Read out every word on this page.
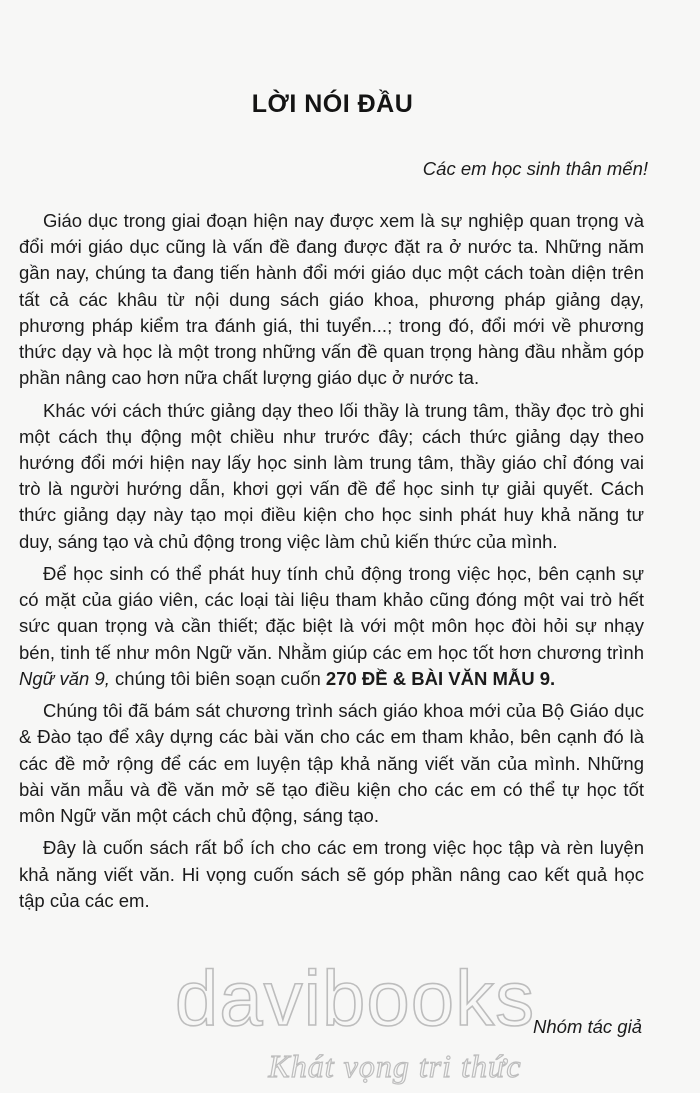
LỜI NÓI ĐẦU
Các em học sinh thân mến!

Giáo dục trong giai đoạn hiện nay được xem là sự nghiệp quan trọng và đổi mới giáo dục cũng là vấn đề đang được đặt ra ở nước ta. Những năm gần nay, chúng ta đang tiến hành đổi mới giáo dục một cách toàn diện trên tất cả các khâu từ nội dung sách giáo khoa, phương pháp giảng dạy, phương pháp kiểm tra đánh giá, thi tuyển...; trong đó, đổi mới về phương thức dạy và học là một trong những vấn đề quan trọng hàng đầu nhằm góp phần nâng cao hơn nữa chất lượng giáo dục ở nước ta.

Khác với cách thức giảng dạy theo lối thầy là trung tâm, thầy đọc trò ghi một cách thụ động một chiều như trước đây; cách thức giảng dạy theo hướng đổi mới hiện nay lấy học sinh làm trung tâm, thầy giáo chỉ đóng vai trò là người hướng dẫn, khơi gợi vấn đề để học sinh tự giải quyết. Cách thức giảng dạy này tạo mọi điều kiện cho học sinh phát huy khả năng tư duy, sáng tạo và chủ động trong việc làm chủ kiến thức của mình.

Để học sinh có thể phát huy tính chủ động trong việc học, bên cạnh sự có mặt của giáo viên, các loại tài liệu tham khảo cũng đóng một vai trò hết sức quan trọng và cần thiết; đặc biệt là với một môn học đòi hỏi sự nhạy bén, tinh tế như môn Ngữ văn. Nhằm giúp các em học tốt hơn chương trình Ngữ văn 9, chúng tôi biên soạn cuốn 270 ĐỀ & BÀI VĂN MẪU 9.

Chúng tôi đã bám sát chương trình sách giáo khoa mới của Bộ Giáo dục & Đào tạo để xây dựng các bài văn cho các em tham khảo, bên cạnh đó là các đề mở rộng để các em luyện tập khả năng viết văn của mình. Những bài văn mẫu và đề văn mở sẽ tạo điều kiện cho các em có thể tự học tốt môn Ngữ văn một cách chủ động, sáng tạo.

Đây là cuốn sách rất bổ ích cho các em trong việc học tập và rèn luyện khả năng viết văn. Hi vọng cuốn sách sẽ góp phần nâng cao kết quả học tập của các em.

Nhóm tác giả
davibooks
Khát vọng tri thức
